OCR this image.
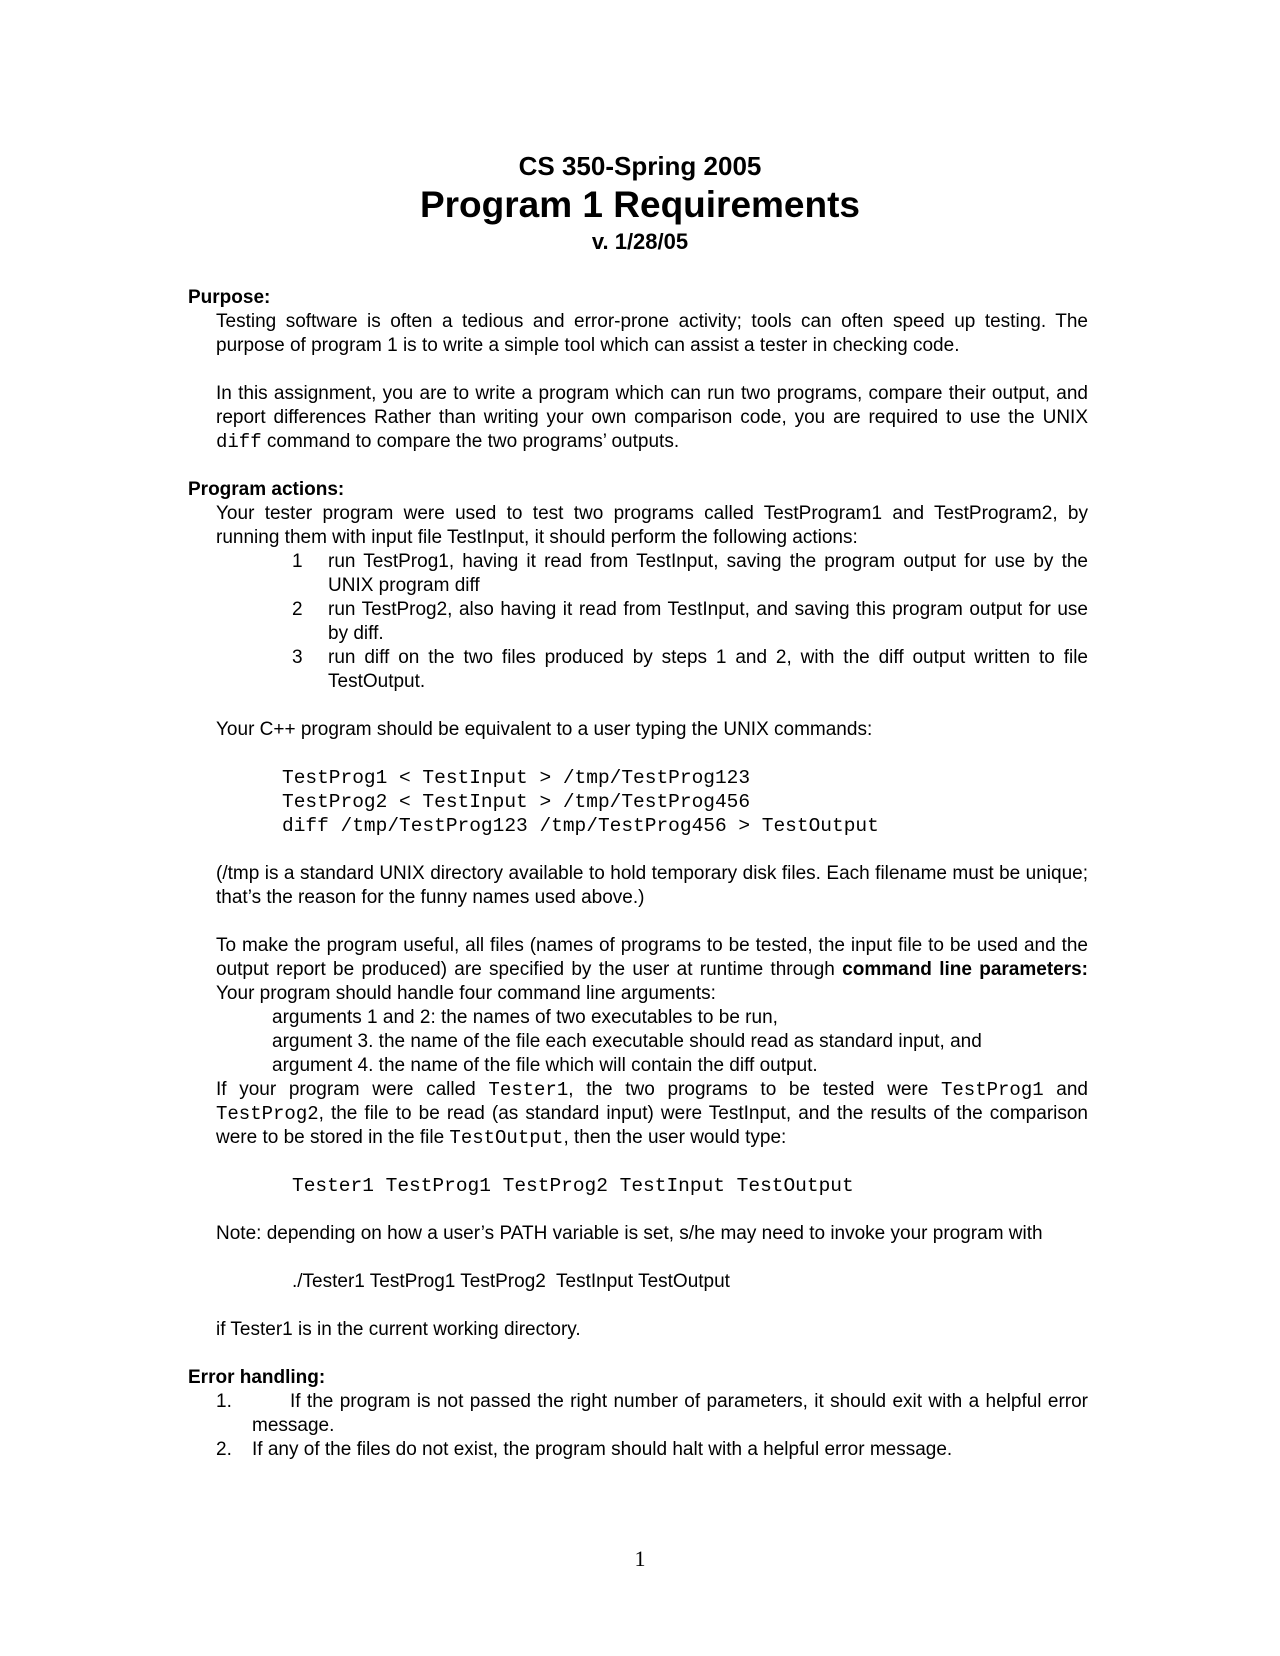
CS 350-Spring 2005
Program 1 Requirements
v. 1/28/05
Purpose:

Testing software is often a tedious and error-prone activity; tools can often speed up testing. The purpose of program 1 is to write a simple tool which can assist a tester in checking code.

In this assignment, you are to write a program which can run two programs, compare their output, and report differences Rather than writing your own comparison code, you are required to use the UNIX diff command to compare the two programs’ outputs.

Program actions:

Your tester program were used to test two programs called TestProgram1 and TestProgram2, by running them with input file TestInput, it should perform the following actions:

1	run TestProg1, having it read from TestInput, saving the program output for use by the UNIX program diff
2	run TestProg2, also having it read from TestInput, and saving this program output for use by diff.
3	run diff on the two files produced by steps 1 and 2, with the diff output written to file TestOutput.

Your C++ program should be equivalent to a user typing the UNIX commands:

TestProg1 < TestInput > /tmp/TestProg123
TestProg2 < TestInput > /tmp/TestProg456
diff /tmp/TestProg123 /tmp/TestProg456 > TestOutput

(/tmp is a standard UNIX directory available to hold temporary disk files. Each filename must be unique; that’s the reason for the funny names used above.)

To make the program useful, all files (names of programs to be tested, the input file to be used and the output report be produced) are specified by the user at runtime through command line parameters: Your program should handle four command line arguments:

arguments 1 and 2: the names of two executables to be run,
argument 3. the name of the file each executable should read as standard input, and
argument 4. the name of the file which will contain the diff output.

If your program were called Tester1, the two programs to be tested were TestProg1 and TestProg2, the file to be read (as standard input) were TestInput, and the results of the comparison were to be stored in the file TestOutput, then the user would type:

Tester1 TestProg1 TestProg2 TestInput TestOutput

Note: depending on how a user’s PATH variable is set, s/he may need to invoke your program with

./Tester1 TestProg1 TestProg2  TestInput TestOutput

if Tester1 is in the current working directory.

Error handling:
1.	If the program is not passed the right number of parameters, it should exit with a helpful error message.
2.	If any of the files do not exist, the program should halt with a helpful error message.
1
